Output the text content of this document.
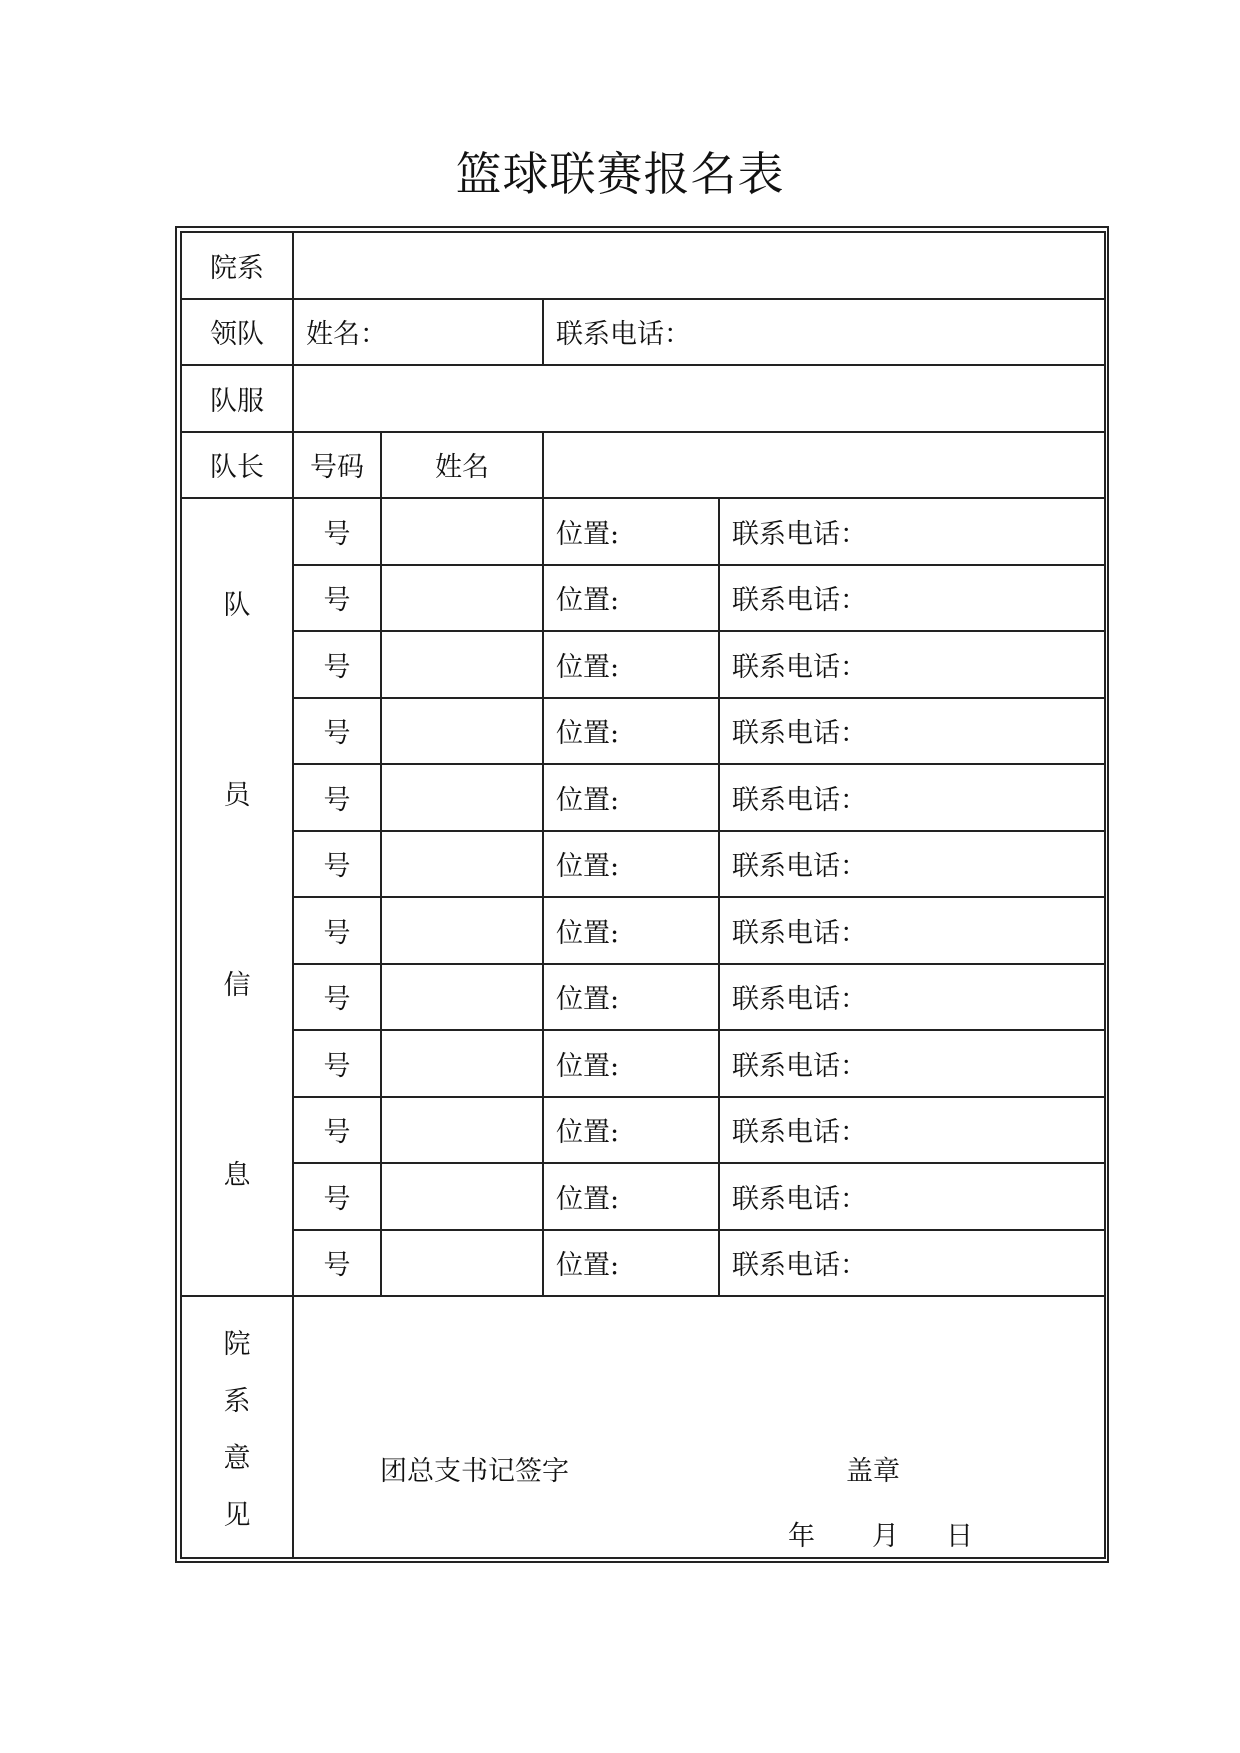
篮球联赛报名表
院系				
领队	姓名：		联系电话：	
队服				
队长	号码	姓名		

队
员
信
息	号		位置:	联系电话：
	号		位置:	联系电话：
	号		位置:	联系电话：
	号		位置:	联系电话：
	号		位置:	联系电话：
	号		位置:	联系电话：
	号		位置:	联系电话：
	号		位置:	联系电话：
	号		位置:	联系电话：
	号		位置:	联系电话：
	号		位置:	联系电话：
	号		位置:	联系电话：

院
系
意
见	团总支书记签字 盖章
年 月 日			
